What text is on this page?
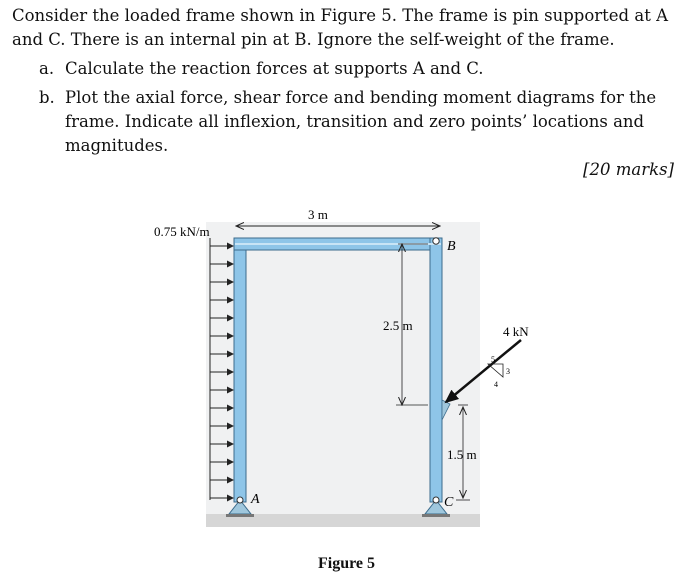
Consider the loaded frame shown in Figure 5. The frame is pin supported at A and C. There is an internal pin at B. Ignore the self-weight of the frame.

a. Calculate the reaction forces at supports A and C.
b. Plot the axial force, shear force and bending moment diagrams for the frame. Indicate all inflexion, transition and zero points’ locations and magnitudes.

[20 marks]

0.75 kN/m
3 m
2.5 m
1.5 m
4 kN
5
4
3
A
B
C
Figure 5
